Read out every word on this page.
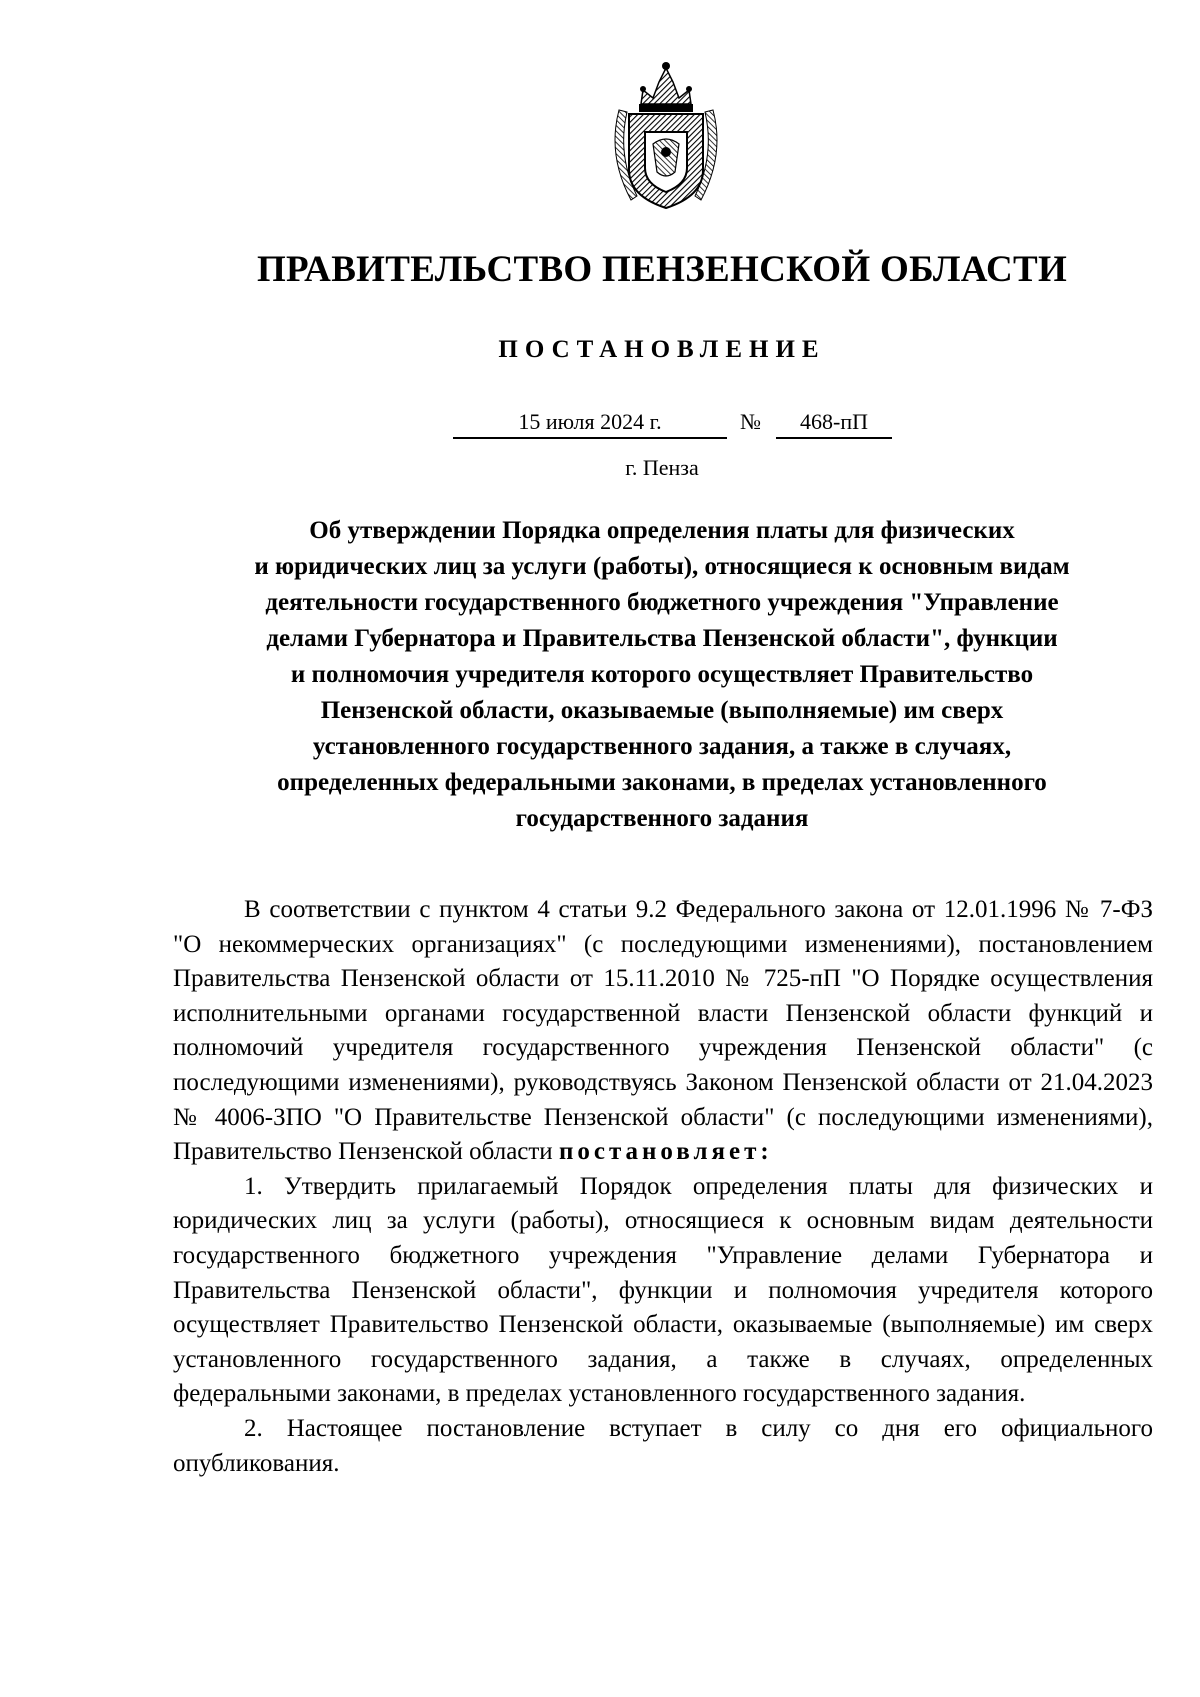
ПРАВИТЕЛЬСТВО ПЕНЗЕНСКОЙ ОБЛАСТИ
ПОСТАНОВЛЕНИЕ
15 июля 2024 г.	№	468-пП
г. Пенза
Об утверждении Порядка определения платы для физических
и юридических лиц за услуги (работы), относящиеся к основным видам
деятельности государственного бюджетного учреждения "Управление
делами Губернатора и Правительства Пензенской области", функции
и полномочия учредителя которого осуществляет Правительство
Пензенской области, оказываемые (выполняемые) им сверх
установленного государственного задания, а также в случаях,
определенных федеральными законами, в пределах установленного
государственного задания

В соответствии с пунктом 4 статьи 9.2 Федерального закона от 12.01.1996 № 7-ФЗ "О некоммерческих организациях" (с последующими изменениями), постановлением Правительства Пензенской области от 15.11.2010 № 725-пП "О Порядке осуществления исполнительными органами государственной власти Пензенской области функций и полномочий учредителя государственного учреждения Пензенской области" (с последующими изменениями), руководствуясь Законом Пензенской области от 21.04.2023 № 4006-ЗПО "О Правительстве Пензенской области" (с последующими изменениями), Правительство Пензенской области постановляет:

1. Утвердить прилагаемый Порядок определения платы для физических и юридических лиц за услуги (работы), относящиеся к основным видам деятельности государственного бюджетного учреждения "Управление делами Губернатора и Правительства Пензенской области", функции и полномочия учредителя которого осуществляет Правительство Пензенской области, оказываемые (выполняемые) им сверх установленного государственного задания, а также в случаях, определенных федеральными законами, в пределах установленного государственного задания.

2. Настоящее постановление вступает в силу со дня его официального опубликования.
